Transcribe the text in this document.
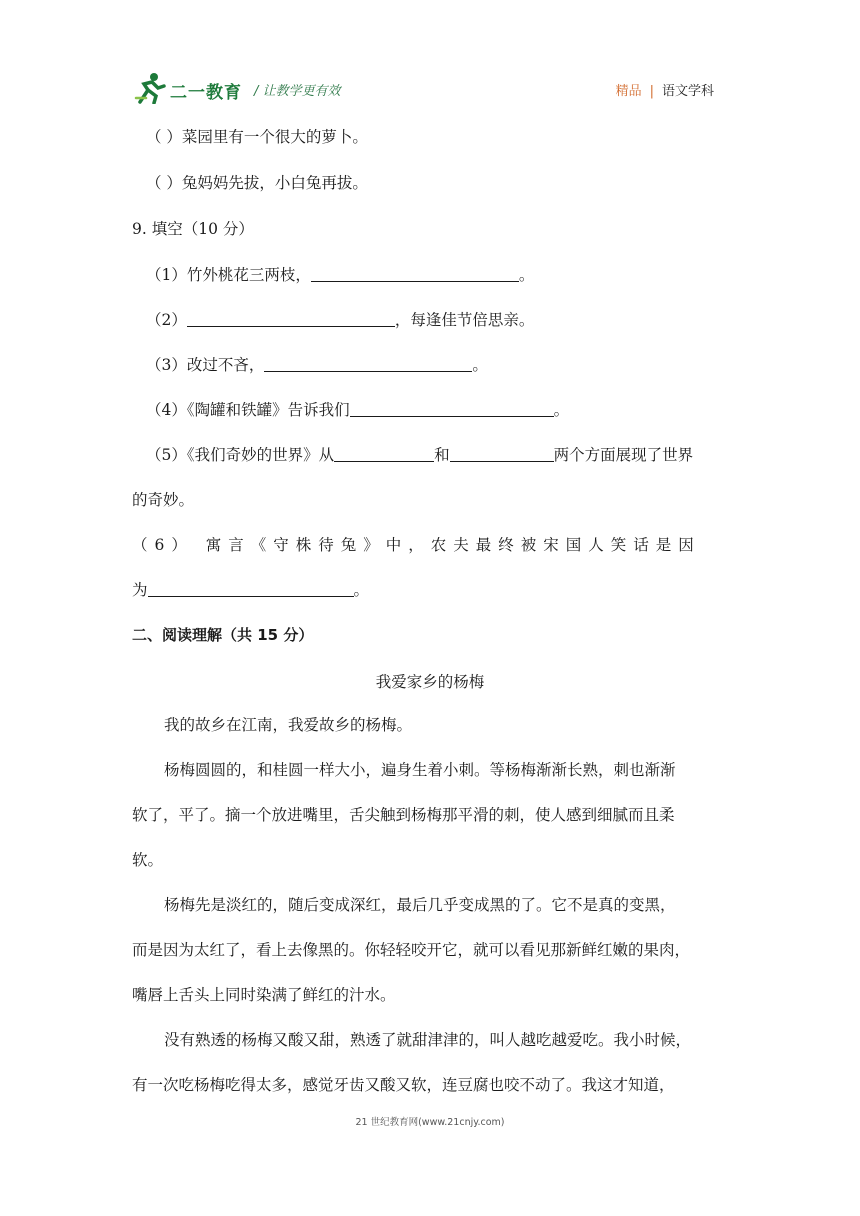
二一教育 / 让教学更有效	精品 | 语文学科
（ ）菜园里有一个很大的萝卜。
（ ）兔妈妈先拔，小白兔再拔。
9. 填空（10 分）
（1）竹外桃花三两枝，	。
（2）	，每逢佳节倍思亲。
（3）改过不吝，	。
（4）《陶罐和铁罐》告诉我们	。
（5）《我们奇妙的世界》从	和	两个方面展现了世界
的奇妙。
（6） 寓言《守株待兔》中，农夫最终被宋国人笑话是因
为	。
二、阅读理解（共 15 分）
我爱家乡的杨梅
我的故乡在江南，我爱故乡的杨梅。
杨梅圆圆的，和桂圆一样大小，遍身生着小刺。等杨梅渐渐长熟，刺也渐渐
软了，平了。摘一个放进嘴里，舌尖触到杨梅那平滑的刺，使人感到细腻而且柔
软。
杨梅先是淡红的，随后变成深红，最后几乎变成黑的了。它不是真的变黑，
而是因为太红了，看上去像黑的。你轻轻咬开它，就可以看见那新鲜红嫩的果肉，
嘴唇上舌头上同时染满了鲜红的汁水。
没有熟透的杨梅又酸又甜，熟透了就甜津津的，叫人越吃越爱吃。我小时候，
有一次吃杨梅吃得太多，感觉牙齿又酸又软，连豆腐也咬不动了。我这才知道，
21 世纪教育网(www.21cnjy.com)
